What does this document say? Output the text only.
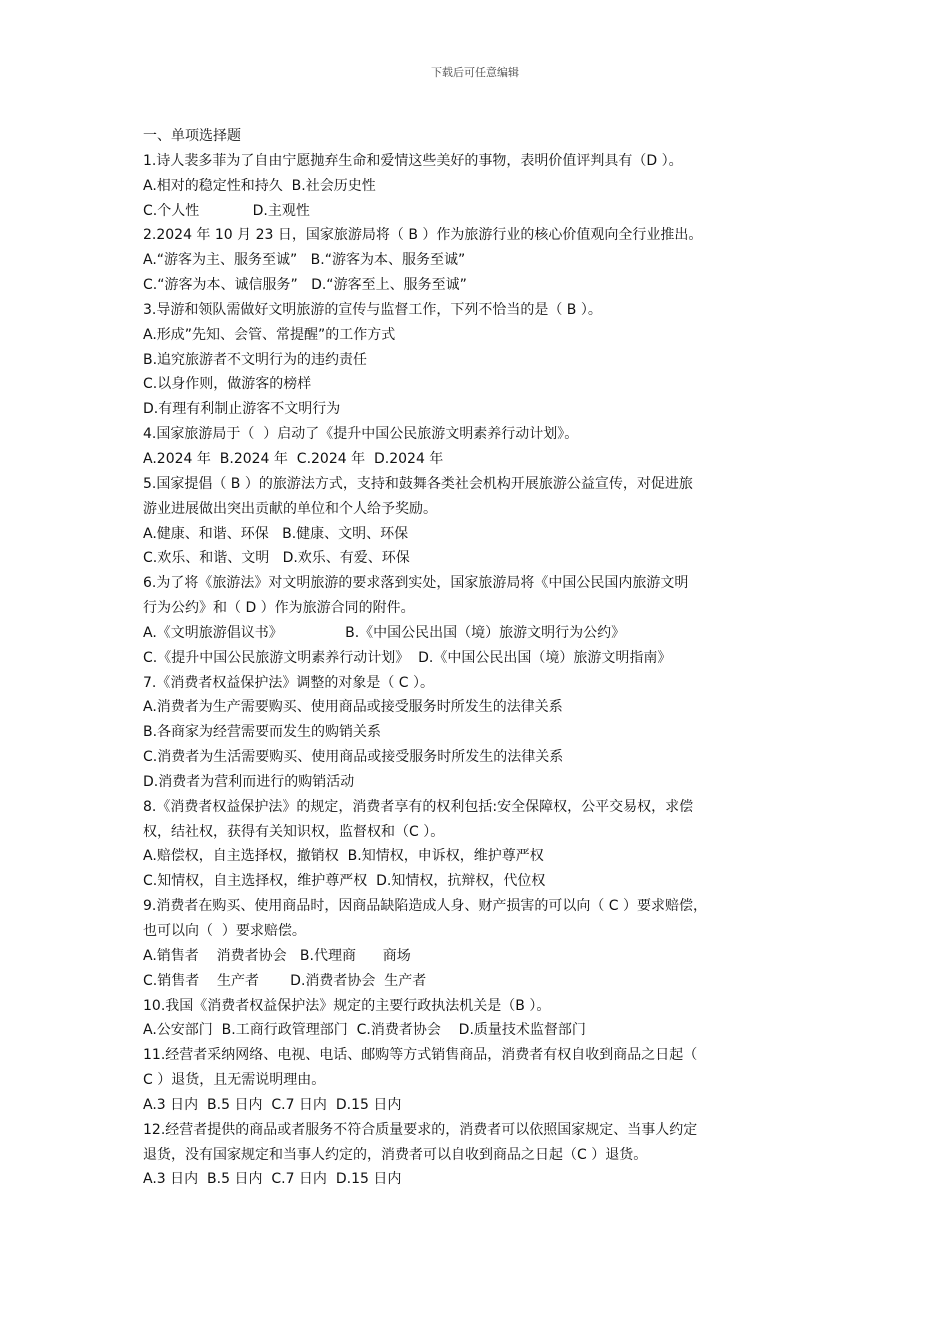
下载后可任意编辑
一、单项选择题
1.诗人裴多菲为了自由宁愿抛弃生命和爱情这些美好的事物，表明价值评判具有（D ）。
A.相对的稳定性和持久  B.社会历史性
C.个人性            D.主观性
2.2024 年 10 月 23 日，国家旅游局将（ B ）作为旅游行业的核心价值观向全行业推出。
A.“游客为主、服务至诚”   B.“游客为本、服务至诚”
C.“游客为本、诚信服务”   D.“游客至上、服务至诚”
3.导游和领队需做好文明旅游的宣传与监督工作，下列不恰当的是（ B ）。
A.形成”先知、会管、常提醒”的工作方式
B.追究旅游者不文明行为的违约责任
C.以身作则，做游客的榜样
D.有理有利制止游客不文明行为
4.国家旅游局于（  ）启动了《提升中国公民旅游文明素养行动计划》。
A.2024 年  B.2024 年  C.2024 年  D.2024 年
5.国家提倡（ B ）的旅游法方式，支持和鼓舞各类社会机构开展旅游公益宣传，对促进旅
游业进展做出突出贡献的单位和个人给予奖励。
A.健康、和谐、环保   B.健康、文明、环保
C.欢乐、和谐、文明   D.欢乐、有爱、环保
6.为了将《旅游法》对文明旅游的要求落到实处，国家旅游局将《中国公民国内旅游文明
行为公约》和（ D ）作为旅游合同的附件。
A.《文明旅游倡议书》              B.《中国公民出国（境）旅游文明行为公约》
C.《提升中国公民旅游文明素养行动计划》  D.《中国公民出国（境）旅游文明指南》
7.《消费者权益保护法》调整的对象是（ C ）。
A.消费者为生产需要购买、使用商品或接受服务时所发生的法律关系
B.各商家为经营需要而发生的购销关系
C.消费者为生活需要购买、使用商品或接受服务时所发生的法律关系
D.消费者为营利而进行的购销活动
8.《消费者权益保护法》的规定，消费者享有的权利包括:安全保障权，公平交易权，求偿
权，结社权，获得有关知识权，监督权和（C ）。
A.赔偿权，自主选择权，撤销权  B.知情权，申诉权，维护尊严权
C.知情权，自主选择权，维护尊严权  D.知情权，抗辩权，代位权
9.消费者在购买、使用商品时，因商品缺陷造成人身、财产损害的可以向（ C ）要求赔偿，
也可以向（  ）要求赔偿。
A.销售者    消费者协会   B.代理商      商场
C.销售者    生产者       D.消费者协会  生产者
10.我国《消费者权益保护法》规定的主要行政执法机关是（B ）。
A.公安部门  B.工商行政管理部门  C.消费者协会    D.质量技术监督部门
11.经营者采纳网络、电视、电话、邮购等方式销售商品，消费者有权自收到商品之日起（
C ）退货，且无需说明理由。
A.3 日内  B.5 日内  C.7 日内  D.15 日内
12.经营者提供的商品或者服务不符合质量要求的，消费者可以依照国家规定、当事人约定
退货，没有国家规定和当事人约定的，消费者可以自收到商品之日起（C ）退货。
A.3 日内  B.5 日内  C.7 日内  D.15 日内
